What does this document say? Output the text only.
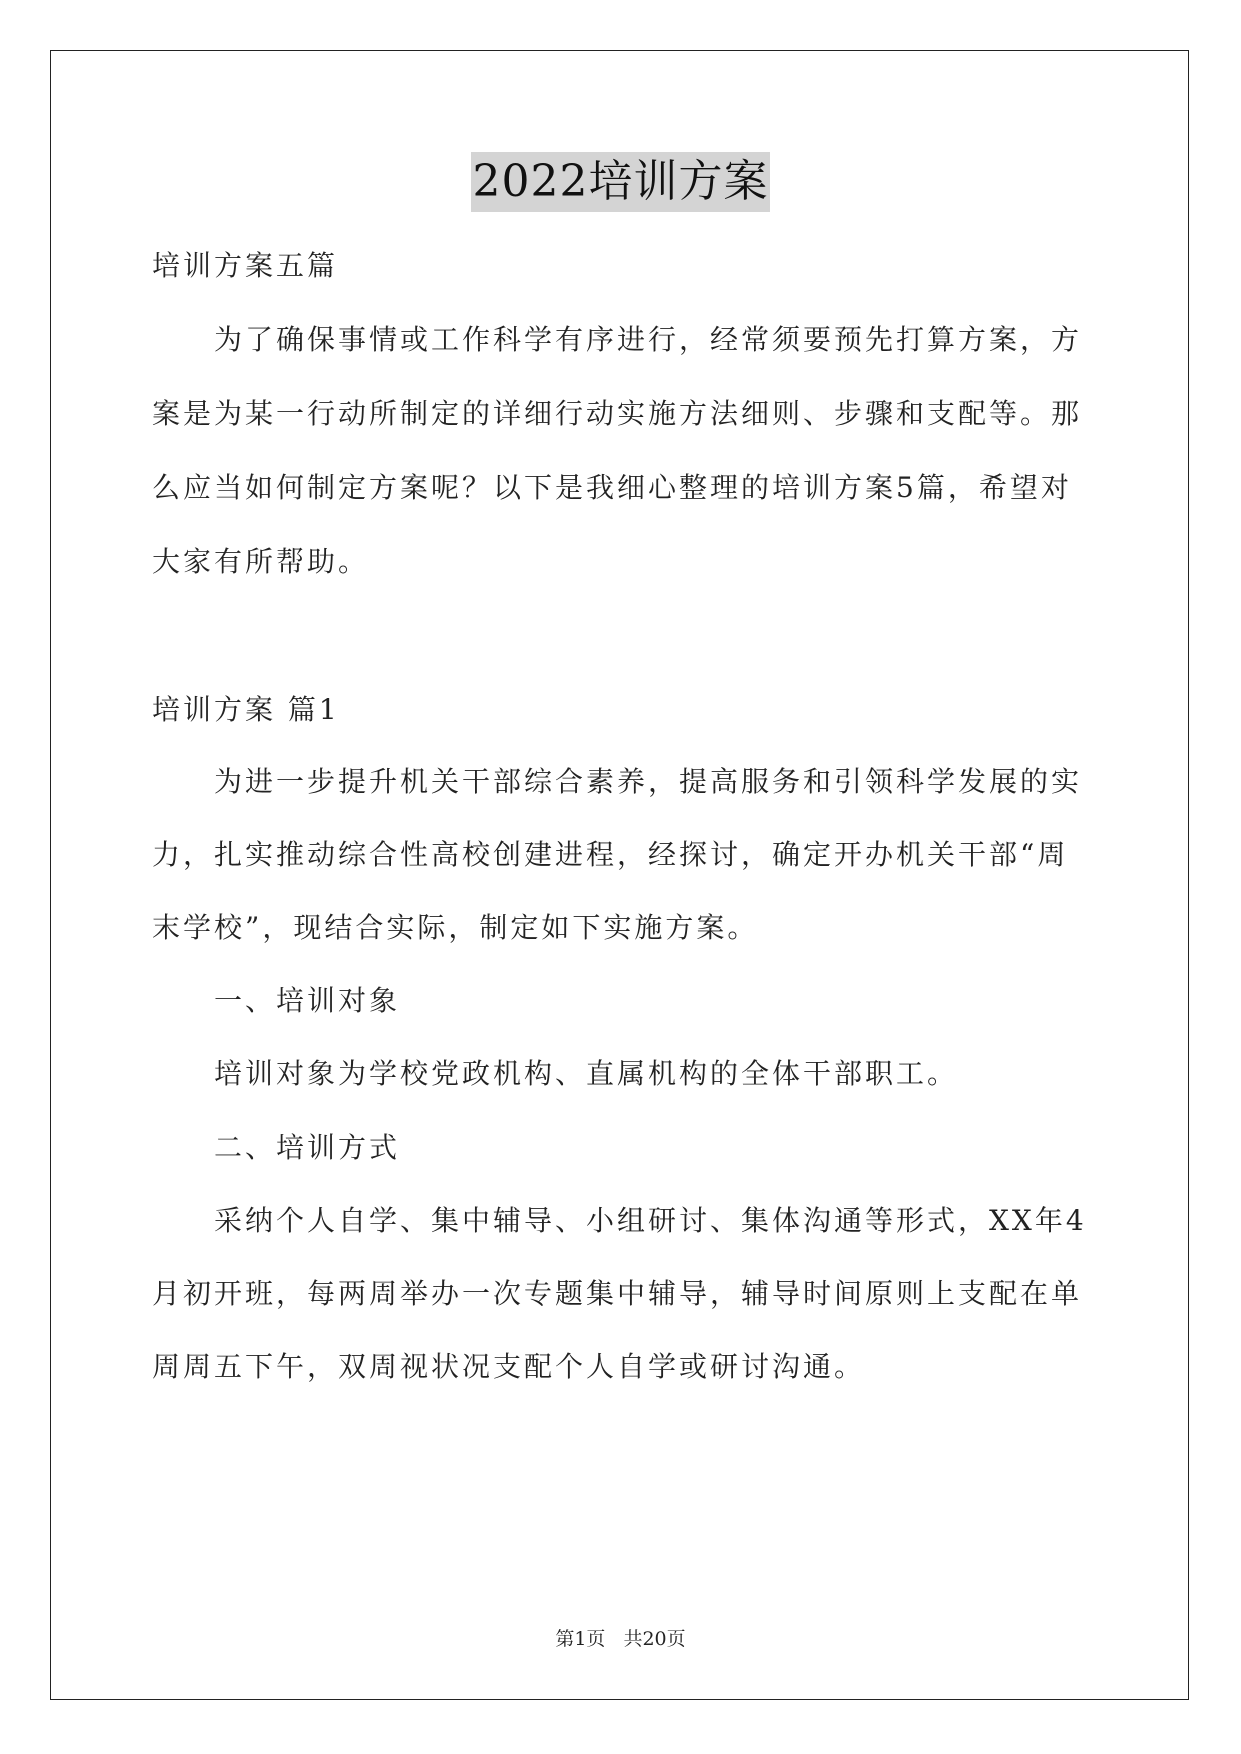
2022培训方案
培训方案五篇
为了确保事情或工作科学有序进行，经常须要预先打算方案，方
案是为某一行动所制定的详细行动实施方法细则、步骤和支配等。那
么应当如何制定方案呢？以下是我细心整理的培训方案5篇，希望对
大家有所帮助。
培训方案 篇1
为进一步提升机关干部综合素养，提高服务和引领科学发展的实
力，扎实推动综合性高校创建进程，经探讨，确定开办机关干部“周
末学校”，现结合实际，制定如下实施方案。
一、培训对象
培训对象为学校党政机构、直属机构的全体干部职工。
二、培训方式
采纳个人自学、集中辅导、小组研讨、集体沟通等形式，XX年4
月初开班，每两周举办一次专题集中辅导，辅导时间原则上支配在单
周周五下午，双周视状况支配个人自学或研讨沟通。
第1页 共20页
